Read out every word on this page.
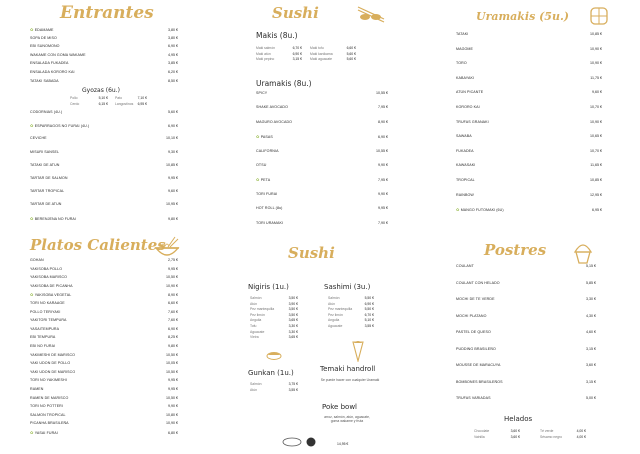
Entrantes
✿ EDAMAME	3,80 €
SOPA DE MISO	3,80 €
EBI SUNOMONO	6,90 €
WAKAME CON GOMA WAKAME	4,95 €
ENSALADA FUKADEA	3,85 €
ENSALADA KORORO KAI	6,20 €
TATAKI SABADA	8,50 €
Gyozas (6u.)
Pollo	5,10 €
Cerdo	6,15 €
Pato	7,10 €
Langostinos 6,95 €
CODORNIAS (4U.)	5,60 €
✿ ESPARRAGOS NO FURAI (4U.)	6,90 €
CEVICHE	10,10 €
MISURI SANSEL	9,30 €
TATAKI DE ATUN	10,85 €
TARTAR DE SALMON	9,95 €
TARTAR TROPICAL	9,60 €
TARTAR DE ATUN	10,95 €
✿ BERENJENA NO FURAI	9,80 €
Platos Calientes
GOHAN	2,75 €
YAKISOBA POLLO	9,95 €
YAKISOBA MARISCO	10,50 €
YAKISOBA DE PICANHA	10,90 €
✿ YAKISOBA VEGETAL	8,90 €
TORI NO KARAAGE	6,60 €
POLLO TERIYAKI	7,60 €
YAKITORI TEMPURA	7,60 €
YASAITEMPURA	6,90 €
EBI TEMPURA	8,25 €
EBI NO FURAI	9,80 €
YAKIMESHI DE MARISCO	10,50 €
YAKI UDON DE POLLO	10,05 €
YAKI UDON DE MARISCO	10,50 €
TORI NO YAKIMESHI	9,95 €
RAMEN	9,95 €
RAMEN DE MARISCO	10,50 €
TORI NO POTTERI	9,90 €
SALMON TROPICAL	10,80 €
PICANHA BRASILEÑA	10,90 €
✿ YASAI FURAI	6,80 €
Sushi
Makis (8u.)
Maki salmón	6,70 €
Maki atún	6,90 €
Maki pepino	3,15 €
Maki tofu	6,60 €
Maki kanikama	5,60 €
Maki aguacate	5,60 €
Uramakis (8u.)
SPICY	10,55 €
SHAKE AVOCADO	7,95 €
MAGURO AVOCADO	8,90 €
✿ PASAS	6,90 €
CALIFORNIA	10,55 €
OTSU	9,90 €
✿ PETA	7,95 €
TORI FURAI	9,90 €
HOT ROLL (8u)	9,95 €
TORI URAMAKI	7,90 €
Sushi
Nigiris (1u.)
Salmón	3,50 €
Atún	3,90 €
Pez mantequilla	3,50 €
Pez limón	3,50 €
Anguila	3,65 €
Tofu	3,30 €
Aguacate	3,30 €
Vieira	3,65 €
Sashimi (3u.)
Salmón	5,50 €
Atún	6,90 €
Pez mantequilla	5,50 €
Pez limón	6,70 €
Anguila	5,10 €
Aguacate	3,55 €
Gunkan (1u.)
Salmón	3,75 €
Atún	3,55 €
Temaki handroll
Se puede hacer con cualquier Uramaki
Poke bowl
arroz, salmón, atún, aguacate, goma wakame y fruta
14,95 €
Uramakis (5u.)
TATAKI	10,85 €
MAGOME	10,90 €
TORO	10,90 €
KABAYAKI	11,75 €
ATÚN PICANTE	9,60 €
KORORO KAI	10,70 €
TRUFAS GRANAKI	10,90 €
SAWABA	10,65 €
FUKADEA	10,70 €
KAWASAKI	11,65 €
TROPICAL	10,85 €
RAINBOW	12,95 €
✿ MANGO FUTOMAKI (6U)	6,95 €
Postres
COULANT	5,15 €
COULANT CON HELADO	5,85 €
MOCHI DE TE VERDE	3,30 €
MOCHI PLATANO	4,30 €
PASTEL DE QUESO	4,60 €
PUDDING BRASILEÑO	3,15 €
MOUSSE DE MARACUYA	3,60 €
BOMBONES BRASILEÑOS	3,15 €
TRUFAS VARIADAS	5,00 €
Helados
Chocolate	3,60 €
Vainilla	3,60 €
Té verde	4,00 €
Sésamo negro	4,00 €
